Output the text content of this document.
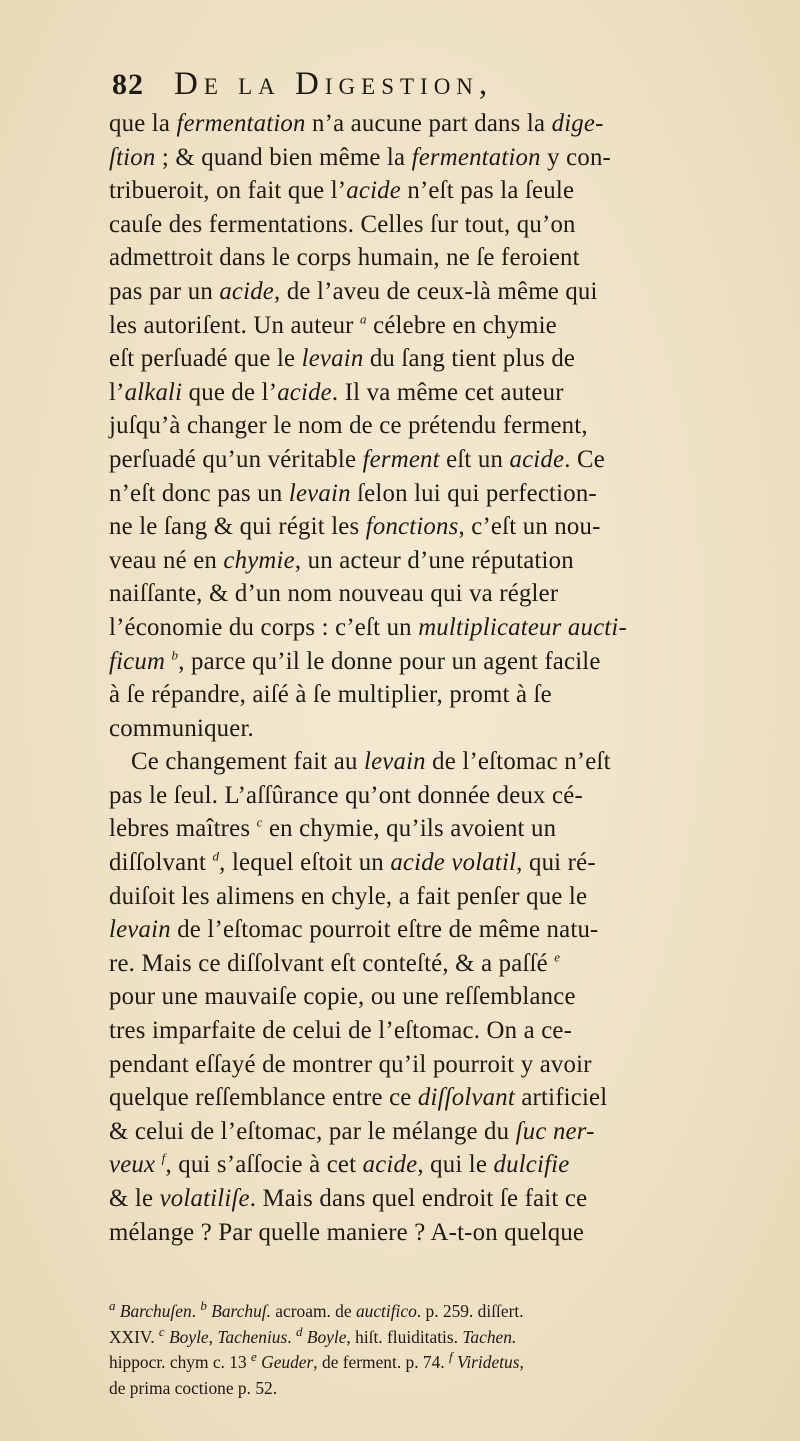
82 De la Digestion,
que la fermentation n’a aucune part dans la dige-
ſtion ; & quand bien même la fermentation y con-
tribueroit, on fait que l’acide n’eſt pas la ſeule
cauſe des fermentations. Celles ſur tout, qu’on
admettroit dans le corps humain, ne ſe feroient
pas par un acide, de l’aveu de ceux-là même qui
les autoriſent. Un auteur $^a$ célebre en chymie
eſt perſuadé que le levain du ſang tient plus de
l’alkali que de l’acide. Il va même cet auteur
juſqu’à changer le nom de ce prétendu ferment,
perſuadé qu’un véritable ferment eſt un acide. Ce
n’eſt donc pas un levain ſelon lui qui perfection-
ne le ſang & qui régit les fonctions, c’eſt un nou-
veau né en chymie, un acteur d’une réputation
naiſſante, & d’un nom nouveau qui va régler
l’économie du corps : c’eſt un multiplicateur aucti-
ficum $^b$, parce qu’il le donne pour un agent facile
à ſe répandre, aiſé à ſe multiplier, promt à ſe
communiquer.
Ce changement fait au levain de l’eſtomac n’eſt
pas le ſeul. L’aſſûrance qu’ont donnée deux cé-
lebres maîtres $^c$ en chymie, qu’ils avoient un
diſſolvant $^d$, lequel eſtoit un acide volatil, qui ré-
duiſoit les alimens en chyle, a fait penſer que le
levain de l’eſtomac pourroit eſtre de même natu-
re. Mais ce diſſolvant eſt conteſté, & a paſſé $^e$
pour une mauvaiſe copie, ou une reſſemblance
tres imparfaite de celui de l’eſtomac. On a ce-
pendant eſſayé de montrer qu’il pourroit y avoir
quelque reſſemblance entre ce diſſolvant artificiel
& celui de l’eſtomac, par le mélange du ſuc ner-
veux $^f$, qui s’aſſocie à cet acide, qui le dulcifie
& le volatiliſe. Mais dans quel endroit ſe fait ce
mélange ? Par quelle maniere ? A-t-on quelque
$^a$ Barchuſen. $^b$ Barchuſ. acroam. de auctifico. p. 259. diſſert.
XXIV. $^c$ Boyle, Tachenius. $^d$ Boyle, hiſt. fluiditatis. Tachen.
hippocr. chym c. 13 $^e$ Geuder, de ferment. p. 74. $^f$ Viridetus,
de prima coctione p. 52.
